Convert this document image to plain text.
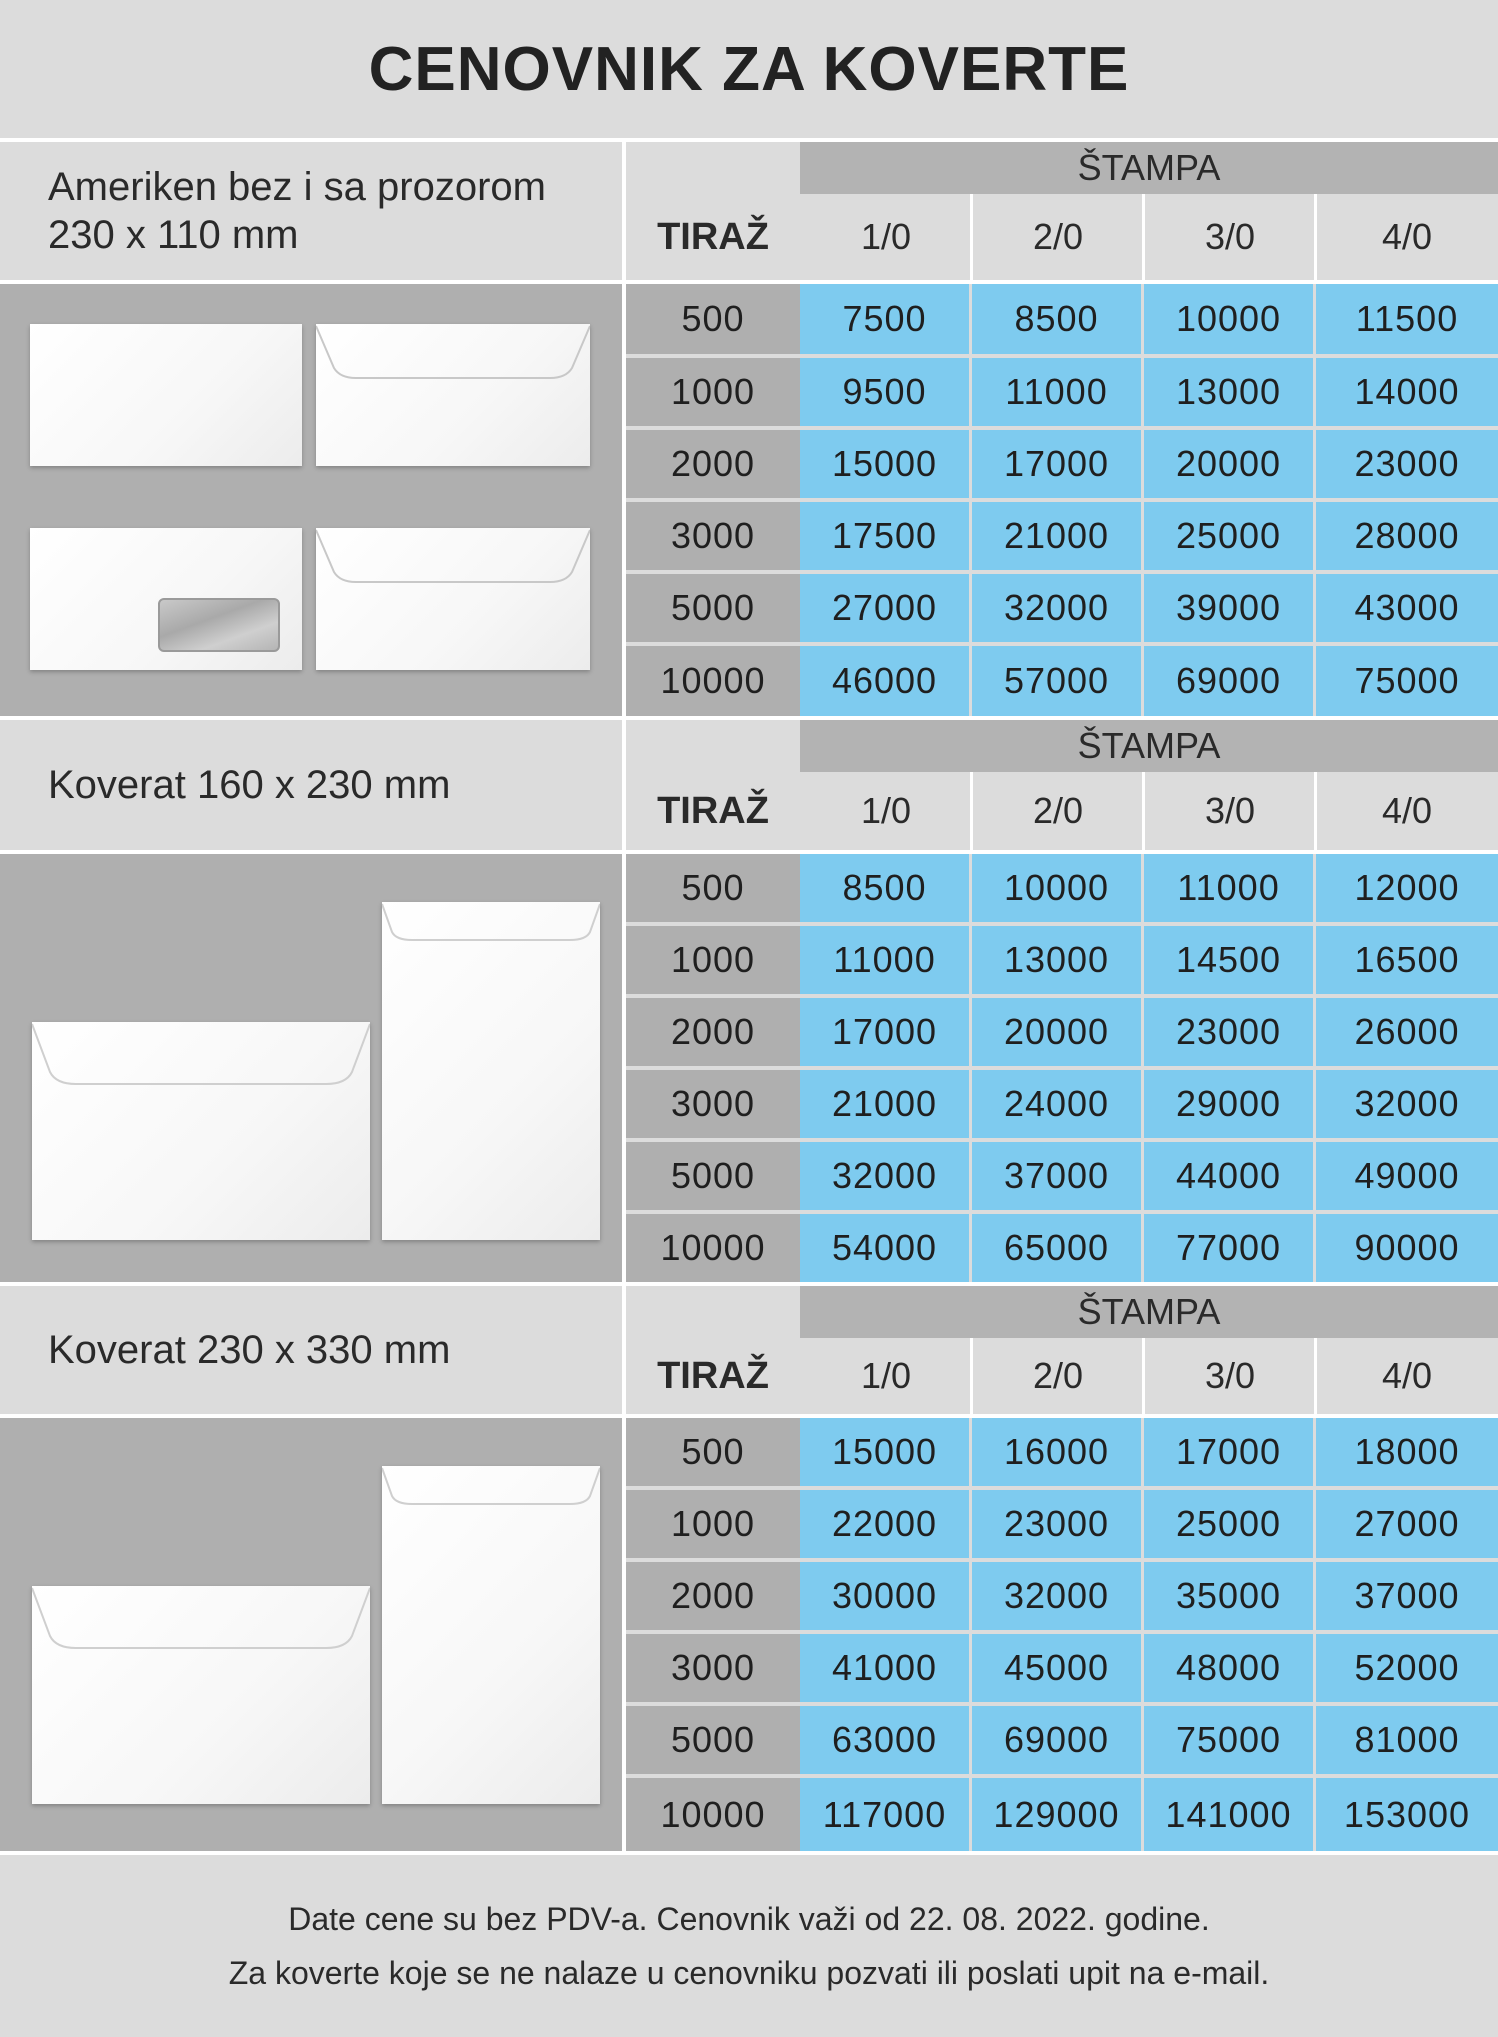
CENOVNIK ZA KOVERTE
Ameriken bez i sa prozorom
230 x 110 mm
ŠTAMPA
TIRAŽ	1/0	2/0	3/0	4/0
500	7500	8500	10000	11500
1000	9500	11000	13000	14000
2000	15000	17000	20000	23000
3000	17500	21000	25000	28000
5000	27000	32000	39000	43000
10000	46000	57000	69000	75000
Koverat 160 x 230 mm
ŠTAMPA
TIRAŽ	1/0	2/0	3/0	4/0
500	8500	10000	11000	12000
1000	11000	13000	14500	16500
2000	17000	20000	23000	26000
3000	21000	24000	29000	32000
5000	32000	37000	44000	49000
10000	54000	65000	77000	90000
Koverat 230 x 330 mm
ŠTAMPA
TIRAŽ	1/0	2/0	3/0	4/0
500	15000	16000	17000	18000
1000	22000	23000	25000	27000
2000	30000	32000	35000	37000
3000	41000	45000	48000	52000
5000	63000	69000	75000	81000
10000	117000	129000	141000	153000
Date cene su bez PDV-a. Cenovnik važi od 22. 08. 2022. godine.
Za koverte koje se ne nalaze u cenovniku pozvati ili poslati upit na e-mail.
